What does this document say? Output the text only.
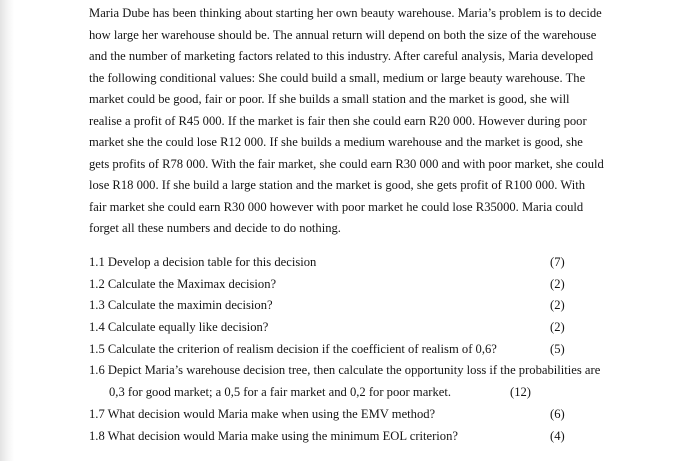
Maria Dube has been thinking about starting her own beauty warehouse. Maria’s problem is to decide
how large her warehouse should be. The annual return will depend on both the size of the warehouse
and the number of marketing factors related to this industry. After careful analysis, Maria developed
the following conditional values: She could build a small, medium or large beauty warehouse. The
market could be good, fair or poor. If she builds a small station and the market is good, she will
realise a profit of R45 000. If the market is fair then she could earn R20 000. However during poor
market she the could lose R12 000. If she builds a medium warehouse and the market is good, she
gets profits of R78 000. With the fair market, she could earn R30 000 and with poor market, she could
lose R18 000. If she build a large station and the market is good, she gets profit of R100 000. With
fair market she could earn R30 000 however with poor market he could lose R35000. Maria could
forget all these numbers and decide to do nothing.
1.1 Develop a decision table for this decision	(7)
1.2 Calculate the Maximax decision?	(2)
1.3 Calculate the maximin decision?	(2)
1.4 Calculate equally like decision?	(2)
1.5 Calculate the criterion of realism decision if the coefficient of realism of 0,6?	(5)
1.6 Depict Maria’s warehouse decision tree, then calculate the opportunity loss if the probabilities are
0,3 for good market; a 0,5 for a fair market and 0,2 for poor market.	(12)
1.7 What decision would Maria make when using the EMV method?	(6)
1.8 What decision would Maria make using the minimum EOL criterion?	(4)
